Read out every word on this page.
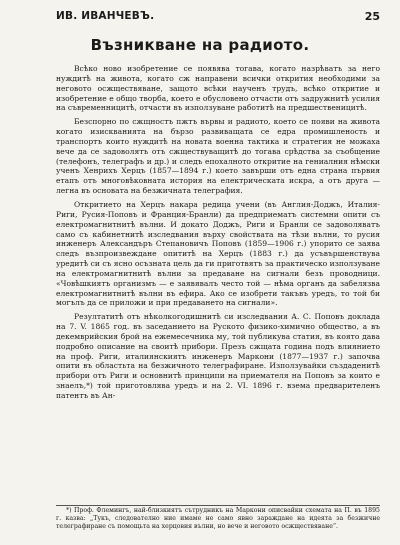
ИВ. ИВАНЧЕВЪ.	25
Възникване на радиото.

Всѣко ново изобретение се появява тогава, когато назрѣватъ за него нуждитѣ на живота, когато сж направени всички открития необходими за неговото осжществяване, защото всѣки наученъ трудъ, всѣко откритие и изобретение е общо творба, което е обусловено отчасти отъ задружнитѣ усилия на съвременницитѣ, отчасти въ използуване работитѣ на предшественицитѣ.

Безспорно по сжщностъ пжтъ вървы и радиото, което се появи на живота когато изискванията на бързо развиващата се едра промишленость и транспортъ които нуждитѣ на новата военна тактика и стратегия не можаха вече да се задоволятъ отъ сжществуващитѣ до тогава срѣдства за съобщение (телефонъ, телеграфъ и др.) и следъ епохалното откритие на гениалния нѣмски ученъ Хенрихъ Херцъ (1857—1894 г.) което завърши отъ една страна първия етапъ отъ многовѣковната история на електрическата искра, а отъ друга — легна въ основата на безжичната телеграфия.

Откритието на Херцъ накара редица учени (въ Англия-Доджъ, Италия-Риги, Русия-Поповъ и Франция-Бранли) да предприематъ системни опити съ електромагнитнитѣ вълни. И докато Доджъ, Риги и Бранли се задоволяватъ само съ кабинетнитѣ изследвания върху свойствата на тѣзи вълни, то русия инженеръ Александъръ Степановичъ Поповъ (1859—1906 г.) упорито се заява следъ възпроизвеждане опититѣ на Херцъ (1883 г.) да усъвършенствува уредитѣ си съ ясно осъзната цель да ги приготвятъ за практическо използуване на електромагнитнитѣ вълни за предаване на сигнали безъ проводници. «Човѣшкиятъ организмъ — е заявявалъ честo той — нѣма органъ да забелязва електромагнитнитѣ вълни въ ефира. Ако се изобрети такъвъ уредъ, то той би могълъ да се приложи и при предаването на сигнали».

Резултатитѣ отъ нѣколкогодишнитѣ си изследвания А. С. Поповъ доклада на 7. V. 1865 год. въ заседанието на Руското физико-химично общество, а въ декемврийския брой на ежемесечника му, той публикува статия, въ която дава подробно описание на своитѣ прибори. Презъ сжщата година подъ влиянието на проф. Риги, италиянскиятъ инженеръ Маркони (1877—1937 г.) започва опити въ областьта на безжичното телеграфиране. Използувайки създаденитѣ прибори отъ Риги и основнитѣ принципи на приемателя на Поповъ за които е знаелъ,*) той приготовлява уредъ и на 2. VI. 1896 г. взема предварителенъ патентъ въ Ан-

*) Проф. Флемингъ, най-близкиятъ сътрудникъ на Маркони описвайки схемата на П. въ 1895 г. казва: „Тукъ, следователно ние имаме не само явно зараждане на идеята за безжичне телеграфиране съ помощьта на херцовия вълни, но вече и неговото осжществяване“.
